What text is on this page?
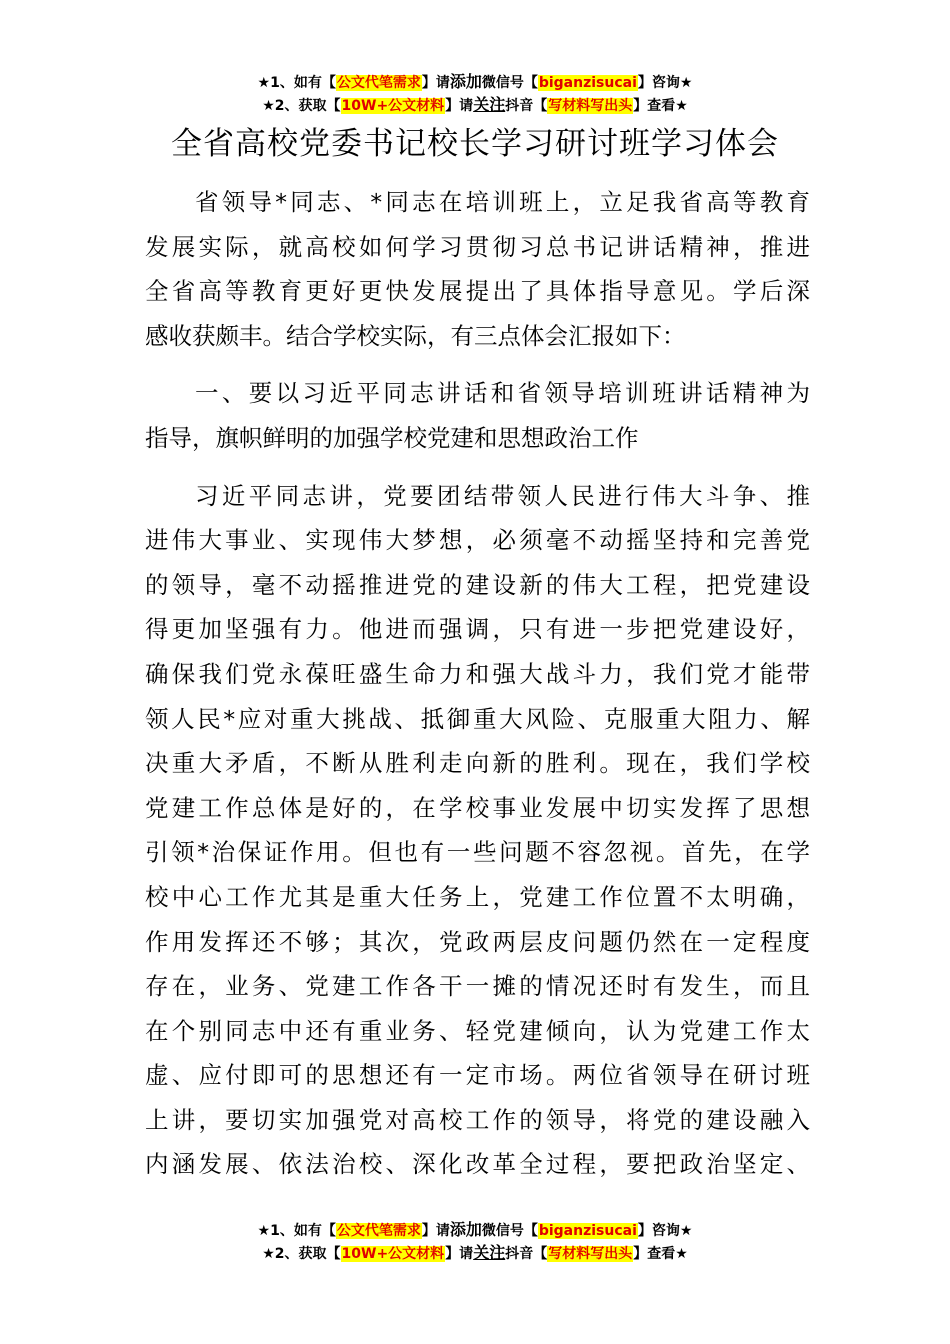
★1、如有【公文代笔需求】请添加微信号【biganzisucai】咨询★
★2、获取【10W+公文材料】请关注抖音【写材料写出头】查看★
全省高校党委书记校长学习研讨班学习体会
省领导*同志、*同志在培训班上，立足我省高等教育
发展实际，就高校如何学习贯彻习总书记讲话精神，推进
全省高等教育更好更快发展提出了具体指导意见。学后深
感收获颇丰。结合学校实际，有三点体会汇报如下：
一、要以习近平同志讲话和省领导培训班讲话精神为
指导，旗帜鲜明的加强学校党建和思想政治工作
习近平同志讲，党要团结带领人民进行伟大斗争、推
进伟大事业、实现伟大梦想，必须毫不动摇坚持和完善党
的领导，毫不动摇推进党的建设新的伟大工程，把党建设
得更加坚强有力。他进而强调，只有进一步把党建设好，
确保我们党永葆旺盛生命力和强大战斗力，我们党才能带
领人民*应对重大挑战、抵御重大风险、克服重大阻力、解
决重大矛盾，不断从胜利走向新的胜利。现在，我们学校
党建工作总体是好的，在学校事业发展中切实发挥了思想
引领*治保证作用。但也有一些问题不容忽视。首先，在学
校中心工作尤其是重大任务上，党建工作位置不太明确，
作用发挥还不够；其次，党政两层皮问题仍然在一定程度
存在，业务、党建工作各干一摊的情况还时有发生，而且
在个别同志中还有重业务、轻党建倾向，认为党建工作太
虚、应付即可的思想还有一定市场。两位省领导在研讨班
上讲，要切实加强党对高校工作的领导，将党的建设融入
内涵发展、依法治校、深化改革全过程，要把政治坚定、
★1、如有【公文代笔需求】请添加微信号【biganzisucai】咨询★
★2、获取【10W+公文材料】请关注抖音【写材料写出头】查看★
